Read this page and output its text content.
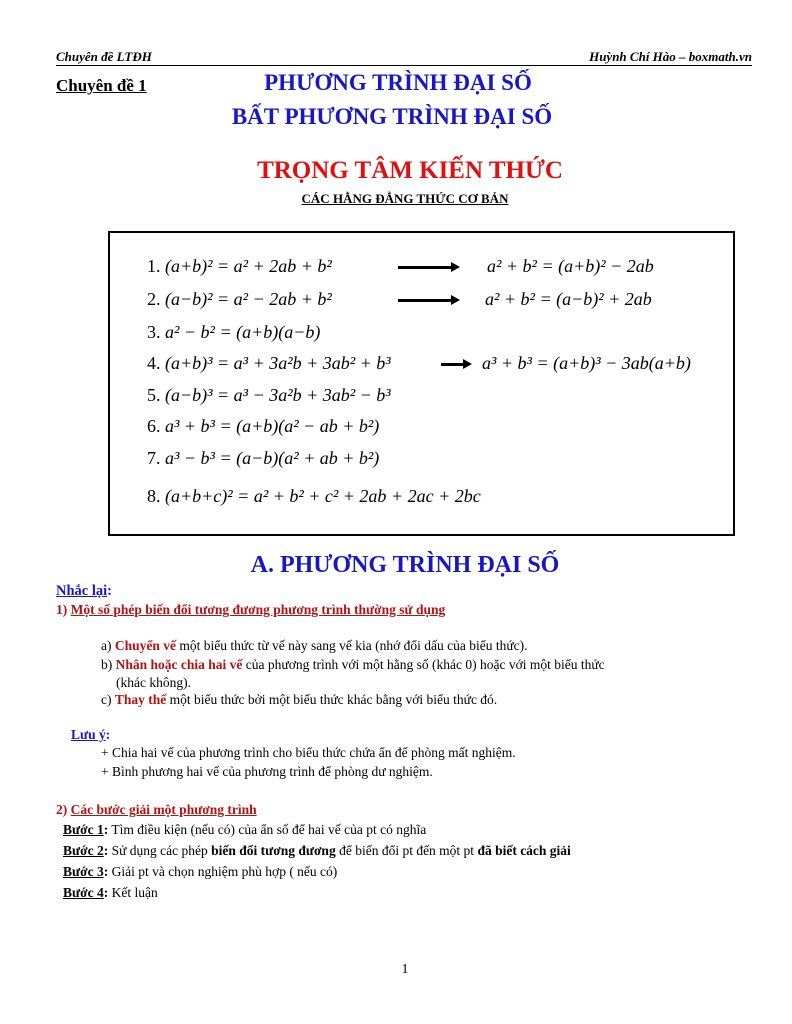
Chuyên đề LTĐH	Huỳnh Chí Hào – boxmath.vn
Chuyên đề 1	PHƯƠNG TRÌNH ĐẠI SỐ
BẤT PHƯƠNG TRÌNH ĐẠI SỐ
TRỌNG TÂM KIẾN THỨC
CÁC HẰNG ĐẲNG THỨC CƠ BẢN
1. (a+b)² = a² + 2ab + b²	a² + b² = (a+b)² − 2ab
2. (a−b)² = a² − 2ab + b²	a² + b² = (a−b)² + 2ab
3. a² − b² = (a+b)(a−b)
4. (a+b)³ = a³ + 3a²b + 3ab² + b³	a³ + b³ = (a+b)³ − 3ab(a+b)
5. (a−b)³ = a³ − 3a²b + 3ab² − b³
6. a³ + b³ = (a+b)(a² − ab + b²)
7. a³ − b³ = (a−b)(a² + ab + b²)
8. (a+b+c)² = a² + b² + c² + 2ab + 2ac + 2bc
A. PHƯƠNG TRÌNH ĐẠI SỐ
Nhắc lại:
1) Một số phép biến đổi tương đương phương trình thường sử dụng
a) Chuyển vế một biểu thức từ vế này sang vế kia (nhớ đổi dấu của biểu thức).
b) Nhân hoặc chia hai vế của phương trình với một hằng số (khác 0) hoặc với một biểu thức
(khác không).
c) Thay thế một biểu thức bởi một biểu thức khác bằng với biểu thức đó.
Lưu ý:
+ Chia hai vế của phương trình cho biểu thức chứa ẩn để phòng mất nghiệm.
+ Bình phương hai vế của phương trình để phòng dư nghiệm.
2) Các bước giải một phương trình
Bước 1: Tìm điều kiện (nếu có) của ẩn số để hai vế của pt có nghĩa
Bước 2: Sử dụng các phép biến đổi tương đương để biến đổi pt đến một pt đã biết cách giải
Bước 3: Giải pt và chọn nghiệm phù hợp ( nếu có)
Bước 4: Kết luận
1
